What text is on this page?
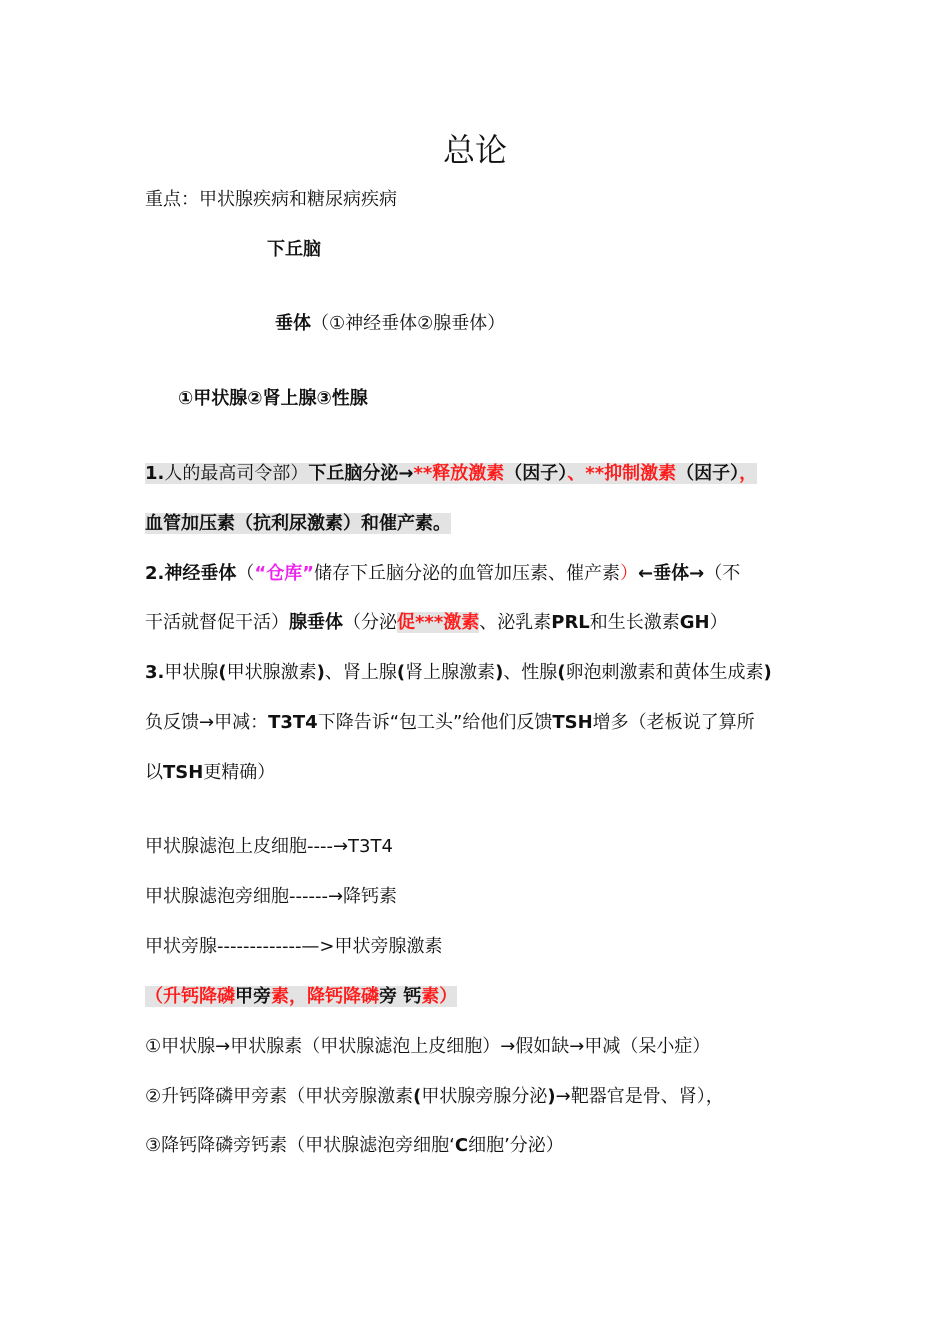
总论
重点：甲状腺疾病和糖尿病疾病
下丘脑
垂体（①神经垂体②腺垂体）
①甲状腺②肾上腺③性腺
1.人的最高司令部）下丘脑分泌→**释放激素（因子）、**抑制激素（因子），
血管加压素（抗利尿激素）和催产素。
2.神经垂体（“仓库”储存下丘脑分泌的血管加压素、催产素）←垂体→（不
干活就督促干活）腺垂体（分泌促***激素、泌乳素PRL和生长激素GH）
3.甲状腺(甲状腺激素)、肾上腺(肾上腺激素)、性腺(卵泡刺激素和黄体生成素)
负反馈→甲减：T3T4下降告诉“包工头”给他们反馈TSH增多（老板说了算所
以TSH更精确）
甲状腺滤泡上皮细胞----→T3T4
甲状腺滤泡旁细胞------→降钙素
甲状旁腺-------------—>甲状旁腺激素
（升钙降磷甲旁素，降钙降磷旁 钙素）
①甲状腺→甲状腺素（甲状腺滤泡上皮细胞）→假如缺→甲减（呆小症）
②升钙降磷甲旁素（甲状旁腺激素(甲状腺旁腺分泌)→靶器官是骨、肾），
③降钙降磷旁钙素（甲状腺滤泡旁细胞‘C细胞’分泌）
